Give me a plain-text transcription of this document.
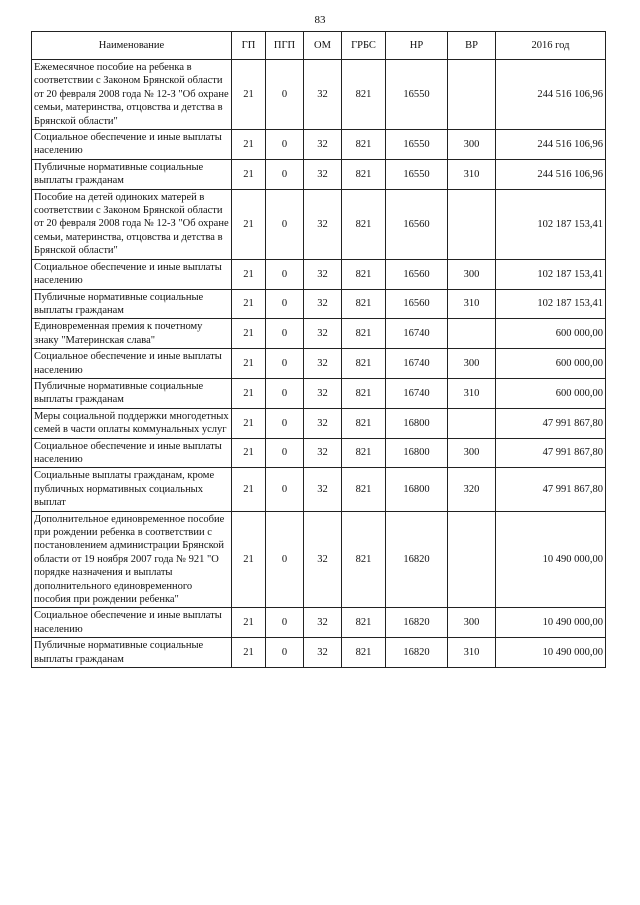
83
Наименование	ГП	ПГП	ОМ	ГРБС	НР	ВР	2016 год
Ежемесячное пособие на ребенка в соответствии с Законом Брянской области от 20 февраля 2008 года № 12-З "Об охране семьи, материнства, отцовства и детства в Брянской области"	21	0	32	821	16550		244 516 106,96
Социальное обеспечение и иные выплаты населению	21	0	32	821	16550	300	244 516 106,96
Публичные нормативные социальные выплаты гражданам	21	0	32	821	16550	310	244 516 106,96
Пособие на детей одиноких матерей в соответствии с Законом Брянской области от 20 февраля 2008 года № 12-З "Об охране семьи, материнства, отцовства и детства в Брянской области"	21	0	32	821	16560		102 187 153,41
Социальное обеспечение и иные выплаты населению	21	0	32	821	16560	300	102 187 153,41
Публичные нормативные социальные выплаты гражданам	21	0	32	821	16560	310	102 187 153,41
Единовременная премия к почетному знаку "Материнская слава"	21	0	32	821	16740		600 000,00
Социальное обеспечение и иные выплаты населению	21	0	32	821	16740	300	600 000,00
Публичные нормативные социальные выплаты гражданам	21	0	32	821	16740	310	600 000,00
Меры социальной поддержки многодетных семей в части оплаты коммунальных услуг	21	0	32	821	16800		47 991 867,80
Социальное обеспечение и иные выплаты населению	21	0	32	821	16800	300	47 991 867,80
Социальные выплаты гражданам, кроме публичных нормативных социальных выплат	21	0	32	821	16800	320	47 991 867,80
Дополнительное единовременное пособие при рождении ребенка в соответствии с постановлением администрации Брянской области от 19 ноября 2007 года № 921 "О порядке назначения и выплаты дополнительного единовременного пособия при рождении ребенка"	21	0	32	821	16820		10 490 000,00
Социальное обеспечение и иные выплаты населению	21	0	32	821	16820	300	10 490 000,00
Публичные нормативные социальные выплаты гражданам	21	0	32	821	16820	310	10 490 000,00
